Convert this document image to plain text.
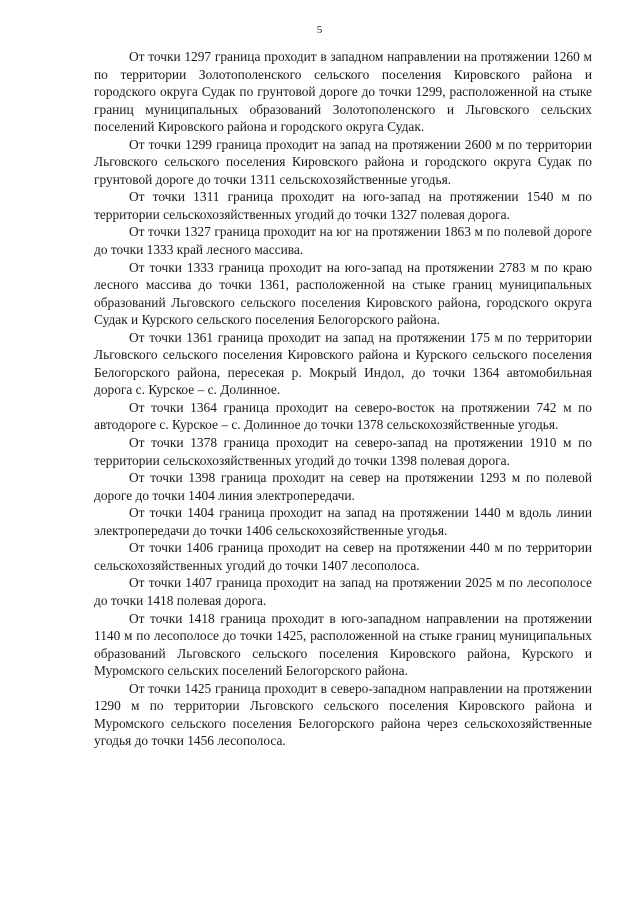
5

От точки 1297 граница проходит в западном направлении на протяжении 1260 м по территории Золотополенского сельского поселения Кировского района и городского округа Судак по грунтовой дороге до точки 1299, расположенной на стыке границ муниципальных образований Золотополенского и Льговского сельских поселений Кировского района и городского округа Судак.

От точки 1299 граница проходит на запад на протяжении 2600 м по территории Льговского сельского поселения Кировского района и городского округа Судак по грунтовой дороге до точки 1311 сельскохозяйственные угодья.

От точки 1311 граница проходит на юго-запад на протяжении 1540 м по территории сельскохозяйственных угодий до точки 1327 полевая дорога.

От точки 1327 граница проходит на юг на протяжении 1863 м по полевой дороге до точки 1333 край лесного массива.

От точки 1333 граница проходит на юго-запад на протяжении 2783 м по краю лесного массива до точки 1361, расположенной на стыке границ муниципальных образований Льговского сельского поселения Кировского района, городского округа Судак и Курского сельского поселения Белогорского района.

От точки 1361 граница проходит на запад на протяжении 175 м по территории Льговского сельского поселения Кировского района и Курского сельского поселения Белогорского района, пересекая р. Мокрый Индол, до точки 1364 автомобильная дорога с. Курское – с. Долинное.

От точки 1364 граница проходит на северо-восток на протяжении 742 м по автодороге с. Курское – с. Долинное до точки 1378 сельскохозяйственные угодья.

От точки 1378 граница проходит на северо-запад на протяжении 1910 м по территории сельскохозяйственных угодий до точки 1398 полевая дорога.

От точки 1398 граница проходит на север на протяжении 1293 м по полевой дороге до точки 1404 линия электропередачи.

От точки 1404 граница проходит на запад на протяжении 1440 м вдоль линии электропередачи до точки 1406 сельскохозяйственные угодья.

От точки 1406 граница проходит на север на протяжении 440 м по территории сельскохозяйственных угодий до точки 1407 лесополоса.

От точки 1407 граница проходит на запад на протяжении 2025 м по лесополосе до точки 1418 полевая дорога.

От точки 1418 граница проходит в юго-западном направлении на протяжении 1140 м по лесополосе до точки 1425, расположенной на стыке границ муниципальных образований Льговского сельского поселения Кировского района, Курского и Муромского сельских поселений Белогорского района.

От точки 1425 граница проходит в северо-западном направлении на протяжении 1290 м по территории Льговского сельского поселения Кировского района и Муромского сельского поселения Белогорского района через сельскохозяйственные угодья до точки 1456 лесополоса.
